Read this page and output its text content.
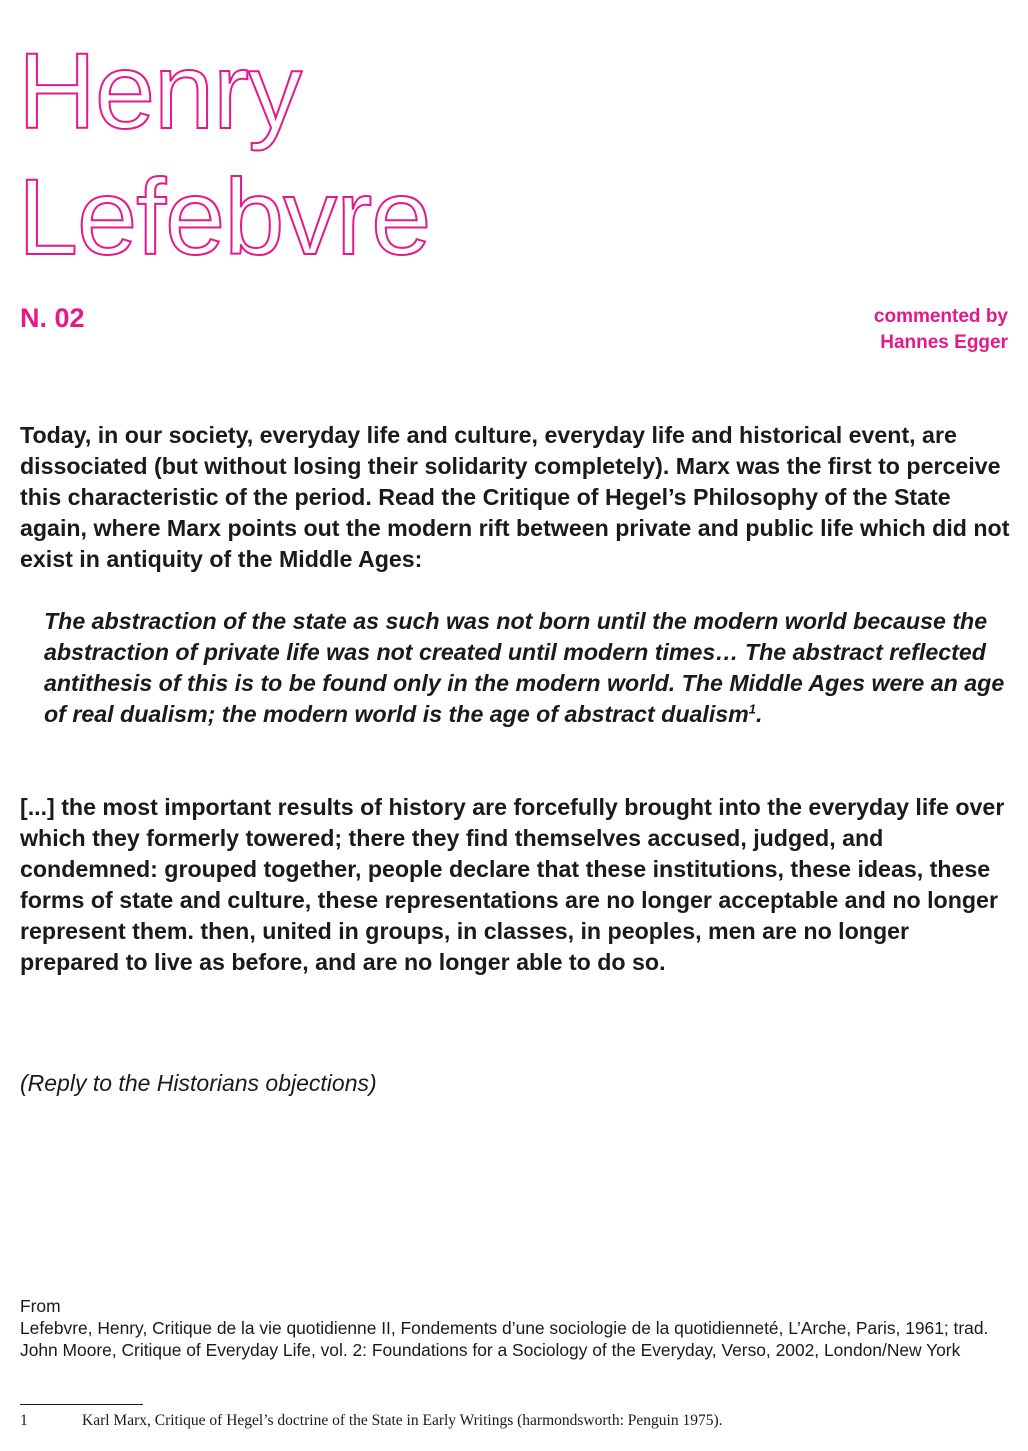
Henry
Lefebvre
N. 02	commented by
Hannes Egger

Today, in our society, everyday life and culture, everyday life and historical event, are dissociated (but without losing their solidarity completely). Marx was the first to perceive this characteristic of the period. Read the Critique of Hegel’s Philosophy of the State again, where Marx points out the modern rift between private and public life which did not exist in antiquity of the Middle Ages:

The abstraction of the state as such was not born until the modern world because the abstraction of private life was not created until modern times… The abstract reflected antithesis of this is to be found only in the modern world. The Middle Ages were an age of real dualism; the modern world is the age of abstract dualism$^1$.

[...] the most important results of history are forcefully brought into the everyday life over which they formerly towered; there they find themselves accused, judged, and condemned: grouped together, people declare that these institutions, these ideas, these forms of state and culture, these representations are no longer acceptable and no longer represent them. then, united in groups, in classes, in peoples, men are no longer prepared to live as before, and are no longer able to do so.

(Reply to the Historians objections)
From
Lefebvre, Henry, Critique de la vie quotidienne II, Fondements d’une sociologie de la quotidienneté, L’Arche, Paris, 1961; trad. John Moore, Critique of Everyday Life, vol. 2: Foundations for a Sociology of the Everyday, Verso, 2002, London/New York
1	Karl Marx, Critique of Hegel’s doctrine of the State in Early Writings (harmondsworth: Penguin 1975).
